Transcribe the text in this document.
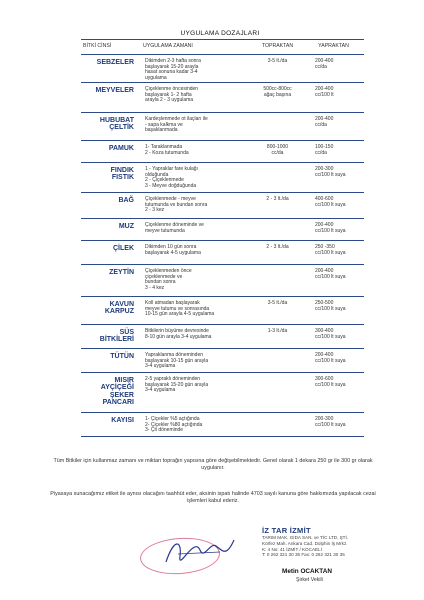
UYGULAMA DOZAJLARI
BİTKİ CİNSİ	UYGULAMA ZAMANI	TOPRAKTAN	YAPRAKTAN
SEBZELER	Dikimden 2-3 hafta sonra
başlayarak 15-20 arayla
hasat sonuna kadar 3-4
uygulama	3-5 lt./da	200-400
cc/da
MEYVELER	Çiçeklenme öncesinden
başlayarak 1- 2 hafta
arayla 2 - 3 uygulama	500cc-800cc
ağaç başına	200-400
cc/100 lt
HUBUBAT
ÇELTİK	Kardeşlenmede ot ilaçları ile
- sapa kalkma ve
başaklanmada		200-400
cc/da
PAMUK	1- Taraklanmada
2 - Koza tutumunda	800-1000
cc/da	100-150
cc/da
FINDIK
FISTIK	1 - Yapraklar fare kulağı
olduğunda
2 - Çiçeklenmede
3 - Meyve doğduğunda		200-300
cc/100 lt suya
BAĞ	Çiçeklenmede - meyve
tutumunda ve bundan sonra
2 - 3 kez	2 - 3 lt./da	400-600
cc/100 lt suya
MUZ	Çiçeklenme döneminde ve
meyve tutumunda		200-400
cc/100 lt suya
ÇİLEK	Dikimden 10 gün sonra
başlayarak 4-5 uygulama	2 - 3 lt./da	250 -350
cc/100 lt suya
ZEYTİN	Çiçeklenmeden önce
çiçeklenmede ve
bundan sonra
3 - 4 kez		200-400
cc/100 lt suya
KAVUN
KARPUZ	Koll atmadan başlayarak
meyve tutumu ve sonrasında
10-15 gün arayla 4-5 uygulama	3-5 lt./da	250-500
cc/100 lt suya
SÜS
BİTKİLERİ	Bitkilerin büyüme devresinde
8-10 gün arayla 3-4 uygulama	1-3 lt./da	300-400
cc/100 lt suya
TÜTÜN	Yapraklanma döneminden
başlayarak 10-15 gün arayla
3-4 uygulama		200-400
cc/100 lt suya
MISIR
AYÇİÇEĞİ
ŞEKER
PANCARI	2-5 yapraklı döneminden
başlayarak 15-20 gün arayla
3-4 uygulama		300-600
cc/100 lt suya
KAYISI	1- Çiçekler %5 açtığında
2- Çiçekler %80 açtığında
3- Çit döneminde		200-300
cc/100 lt suya
Tüm Bitkiler için kullanmaz zamanı ve miktarı toprağın yapısına göre değişebilmektedir. Genel olarak 1 dekara 250 gr ile 300 gr olarak uygulanır.
Piyasaya sunacağımız etiket ile aynısı olacağını taahhüt eder, aksinin ispatı halinde 4703 sayılı kanuna göre hakkımızda yapılacak cezai işlemleri kabul ederiz.
İZ TAR İZMİT
TARIM MAK. GIDA SAN. ve TİC LTD. ŞTİ.
Körfez Mah. Ankara Cad. Dolphin İş Mrkz.
K: 4 No: 41 İZMİT / KOCAELİ
T: 0 262 321 30 35 Fax: 0 262 321 30 35
Metin OCAKTAN
Şirket Vekili
